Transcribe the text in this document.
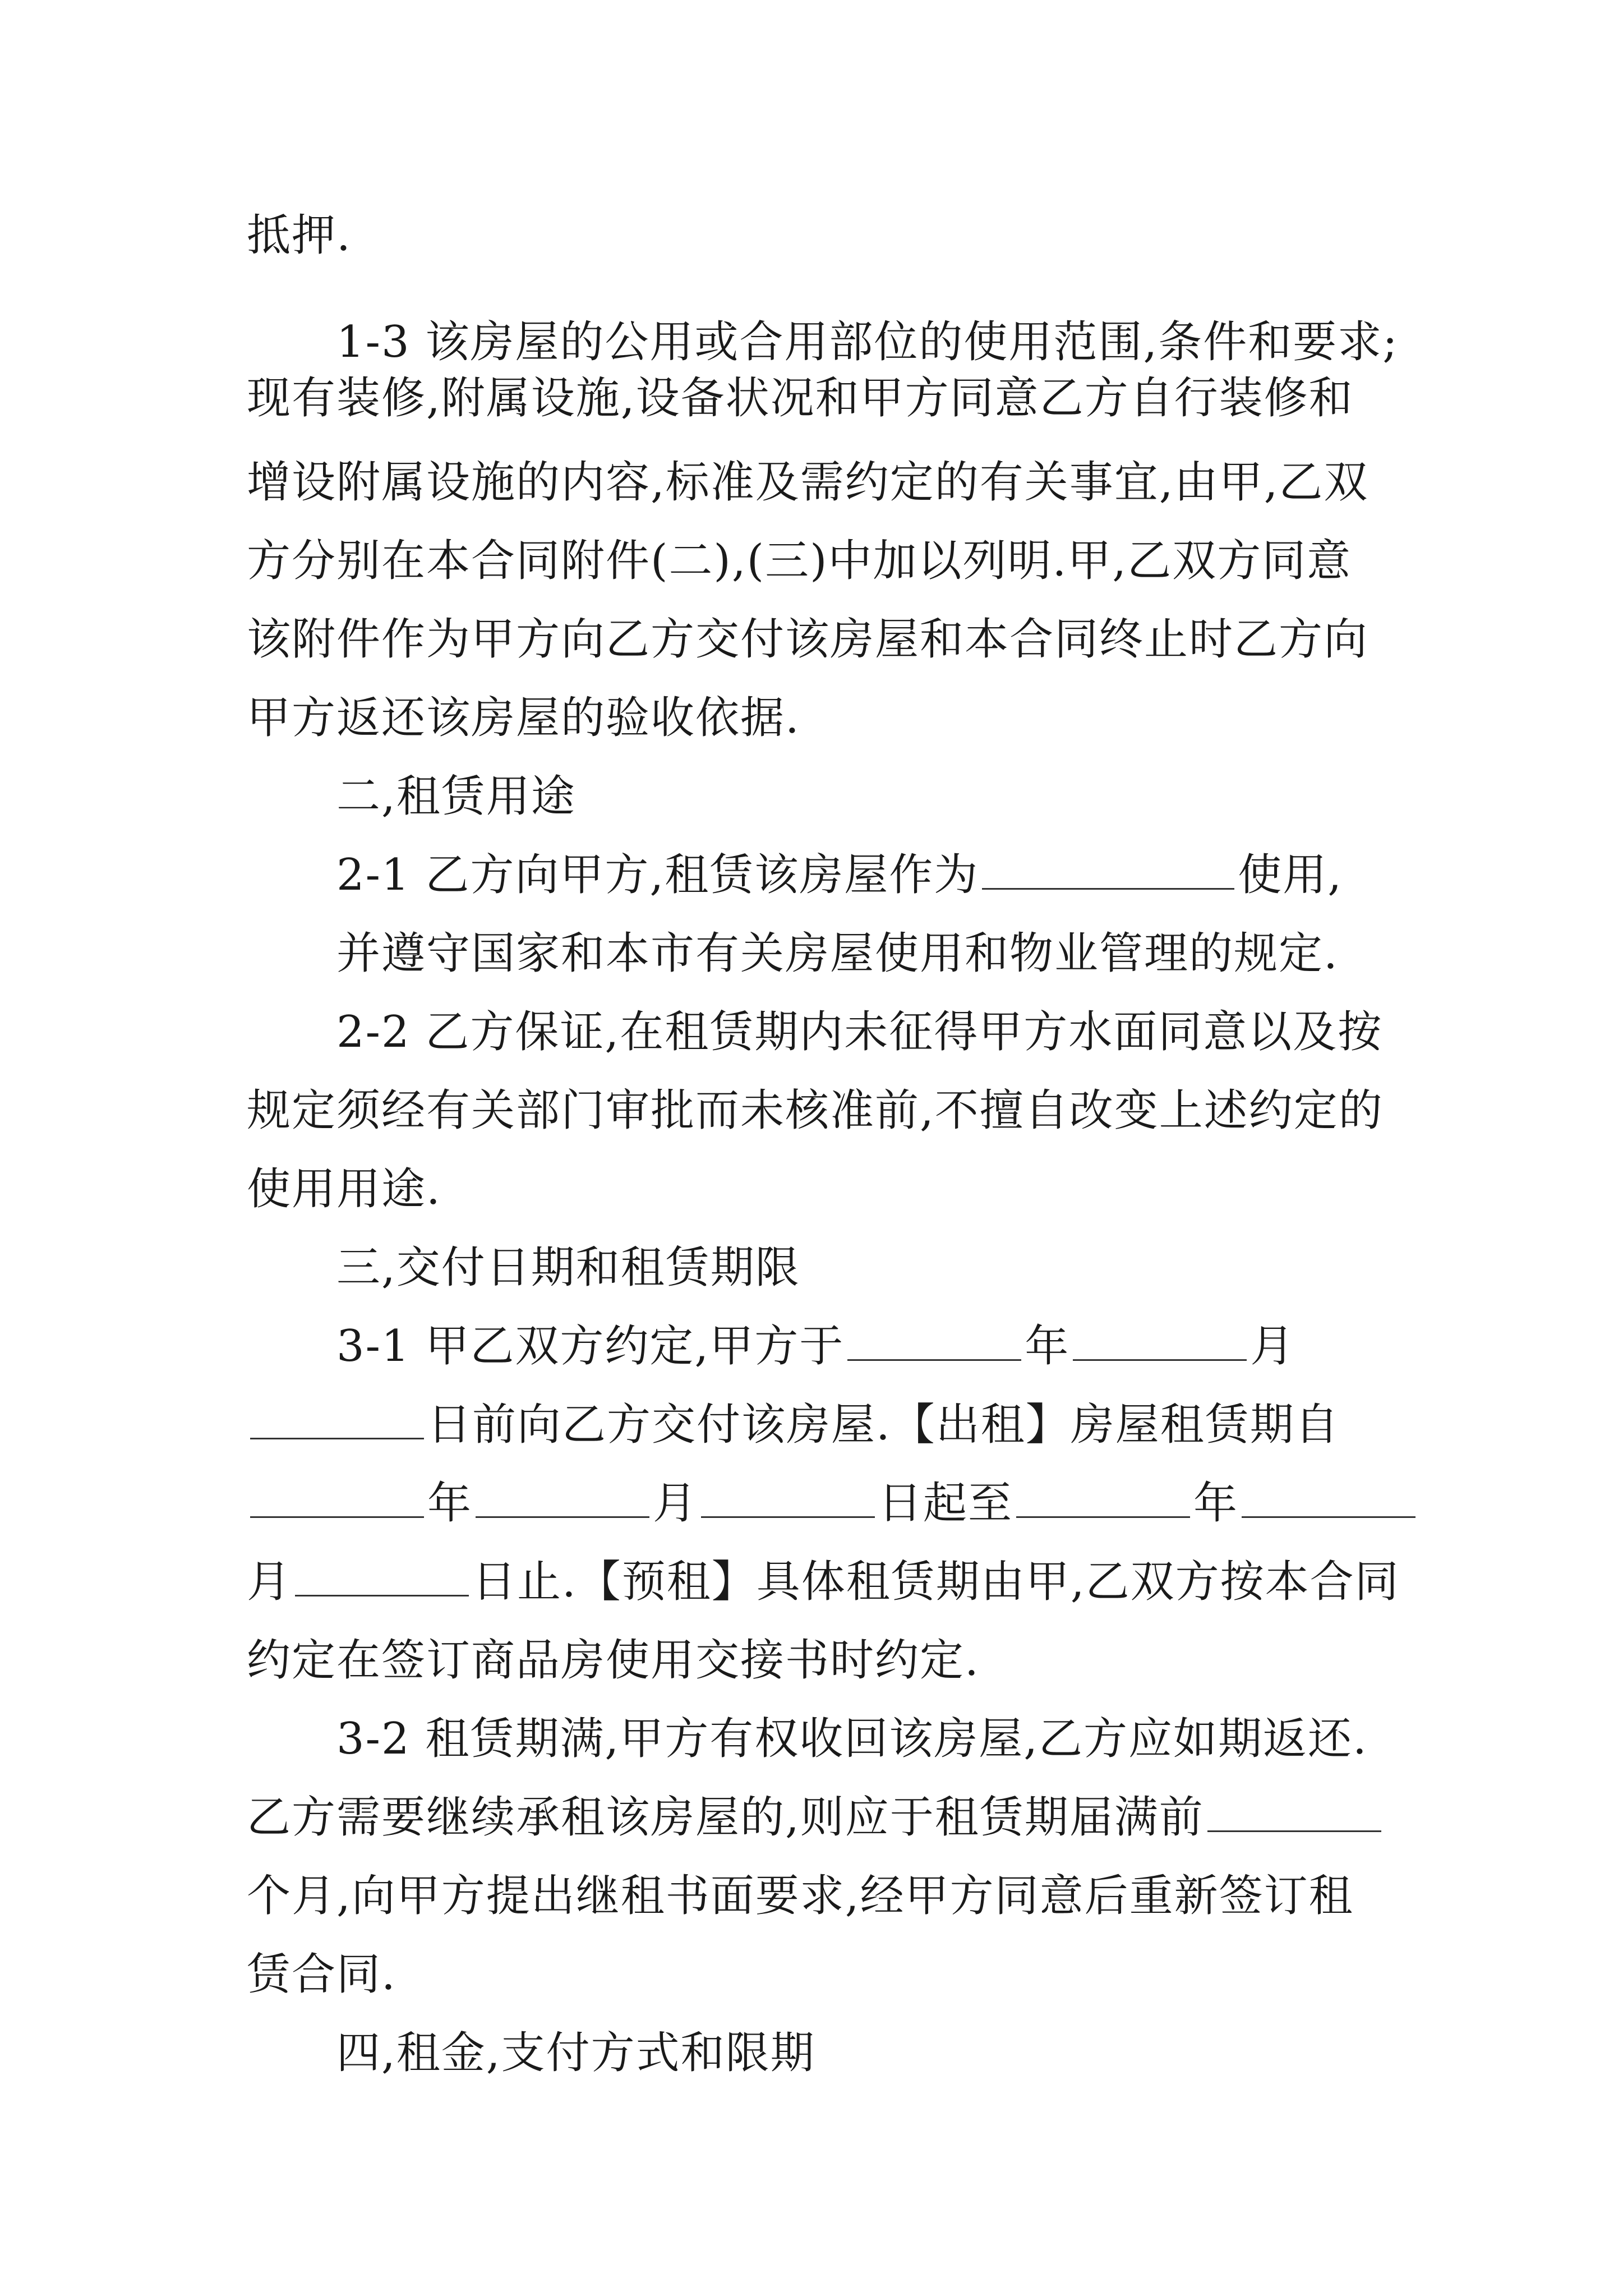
抵押.
1-3 该房屋的公用或合用部位的使用范围,条件和要求;
现有装修,附属设施,设备状况和甲方同意乙方自行装修和
增设附属设施的内容,标准及需约定的有关事宜,由甲,乙双
方分别在本合同附件(二),(三)中加以列明.甲,乙双方同意
该附件作为甲方向乙方交付该房屋和本合同终止时乙方向
甲方返还该房屋的验收依据.
二,租赁用途
2-1 乙方向甲方,租赁该房屋作为	使用,
并遵守国家和本市有关房屋使用和物业管理的规定.
2-2 乙方保证,在租赁期内未征得甲方水面同意以及按
规定须经有关部门审批而未核准前,不擅自改变上述约定的
使用用途.
三,交付日期和租赁期限
3-1 甲乙双方约定,甲方于	年	月
日前向乙方交付该房屋.【出租】房屋租赁期自
年	月	日起至	年
月	日止.【预租】具体租赁期由甲,乙双方按本合同
约定在签订商品房使用交接书时约定.
3-2 租赁期满,甲方有权收回该房屋,乙方应如期返还.
乙方需要继续承租该房屋的,则应于租赁期届满前
个月,向甲方提出继租书面要求,经甲方同意后重新签订租
赁合同.
四,租金,支付方式和限期
